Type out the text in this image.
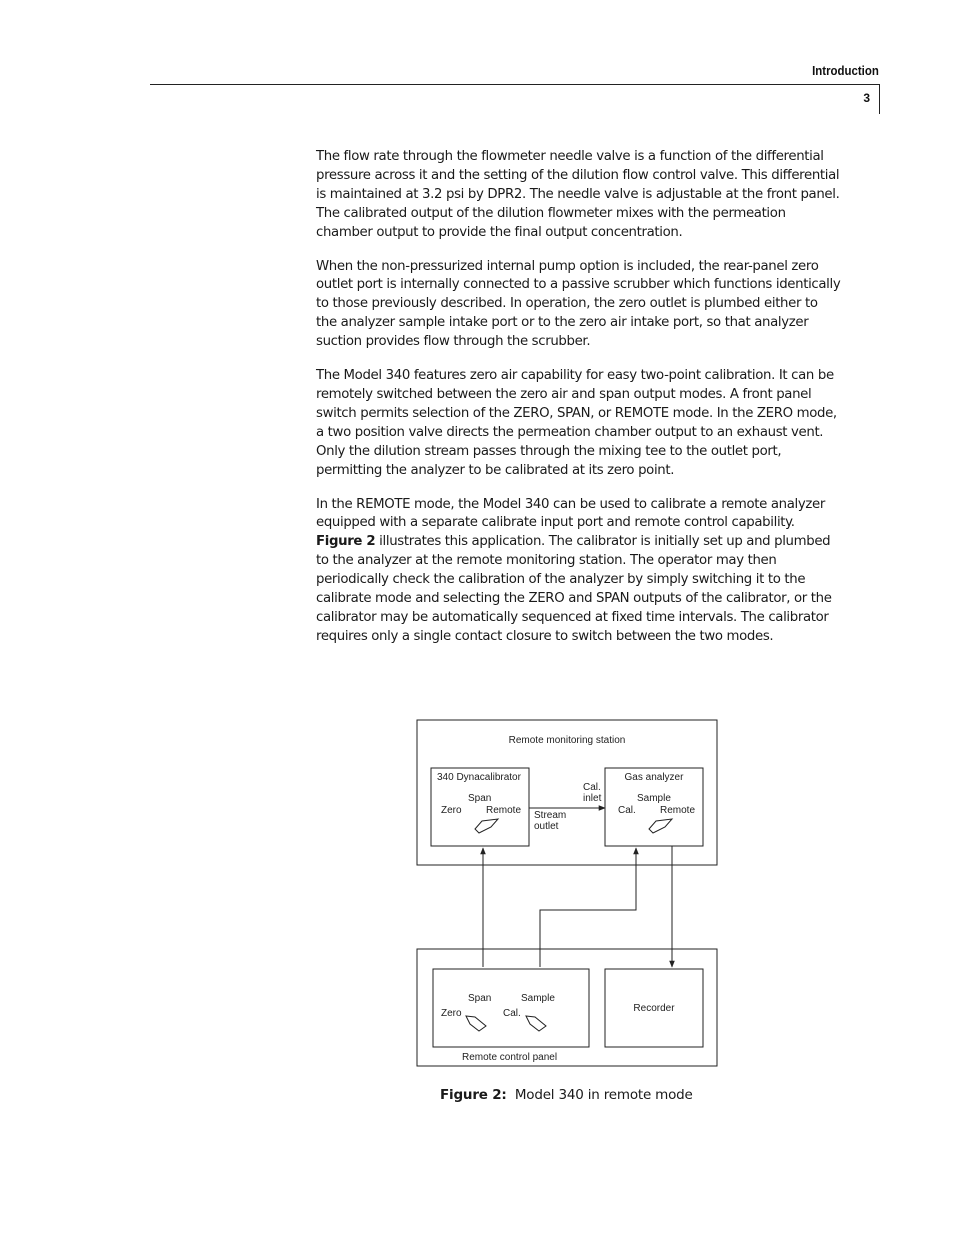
Introduction
3

The flow rate through the flowmeter needle valve is a function of the differential pressure across it and the setting of the dilution flow control valve. This differential is maintained at 3.2 psi by DPR2. The needle valve is adjustable at the front panel. The calibrated output of the dilution flowmeter mixes with the permeation chamber output to provide the final output concentration.

When the non-pressurized internal pump option is included, the rear-panel zero outlet port is internally connected to a passive scrubber which functions identically to those previously described. In operation, the zero outlet is plumbed either to the analyzer sample intake port or to the zero air intake port, so that analyzer suction provides flow through the scrubber.

The Model 340 features zero air capability for easy two-point calibration. It can be remotely switched between the zero air and span output modes. A front panel switch permits selection of the ZERO, SPAN, or REMOTE mode. In the ZERO mode, a two position valve directs the permeation chamber output to an exhaust vent. Only the dilution stream passes through the mixing tee to the outlet port, permitting the analyzer to be calibrated at its zero point.

In the REMOTE mode, the Model 340 can be used to calibrate a remote analyzer equipped with a separate calibrate input port and remote control capability. Figure 2 illustrates this application. The calibrator is initially set up and plumbed to the analyzer at the remote monitoring station. The operator may then periodically check the calibration of the analyzer by simply switching it to the calibrate mode and selecting the ZERO and SPAN outputs of the calibrator, or the calibrator may be automatically sequenced at fixed time intervals. The calibrator requires only a single contact closure to switch between the two modes.

Remote monitoring station
340 Dynacalibrator
Span
Zero Remote
Cal.
inlet
Stream
outlet
Gas analyzer
Sample
Cal. Remote
Span	Sample
Zero	Cal.
Remote control panel
Recorder
Figure 2: Model 340 in remote mode
